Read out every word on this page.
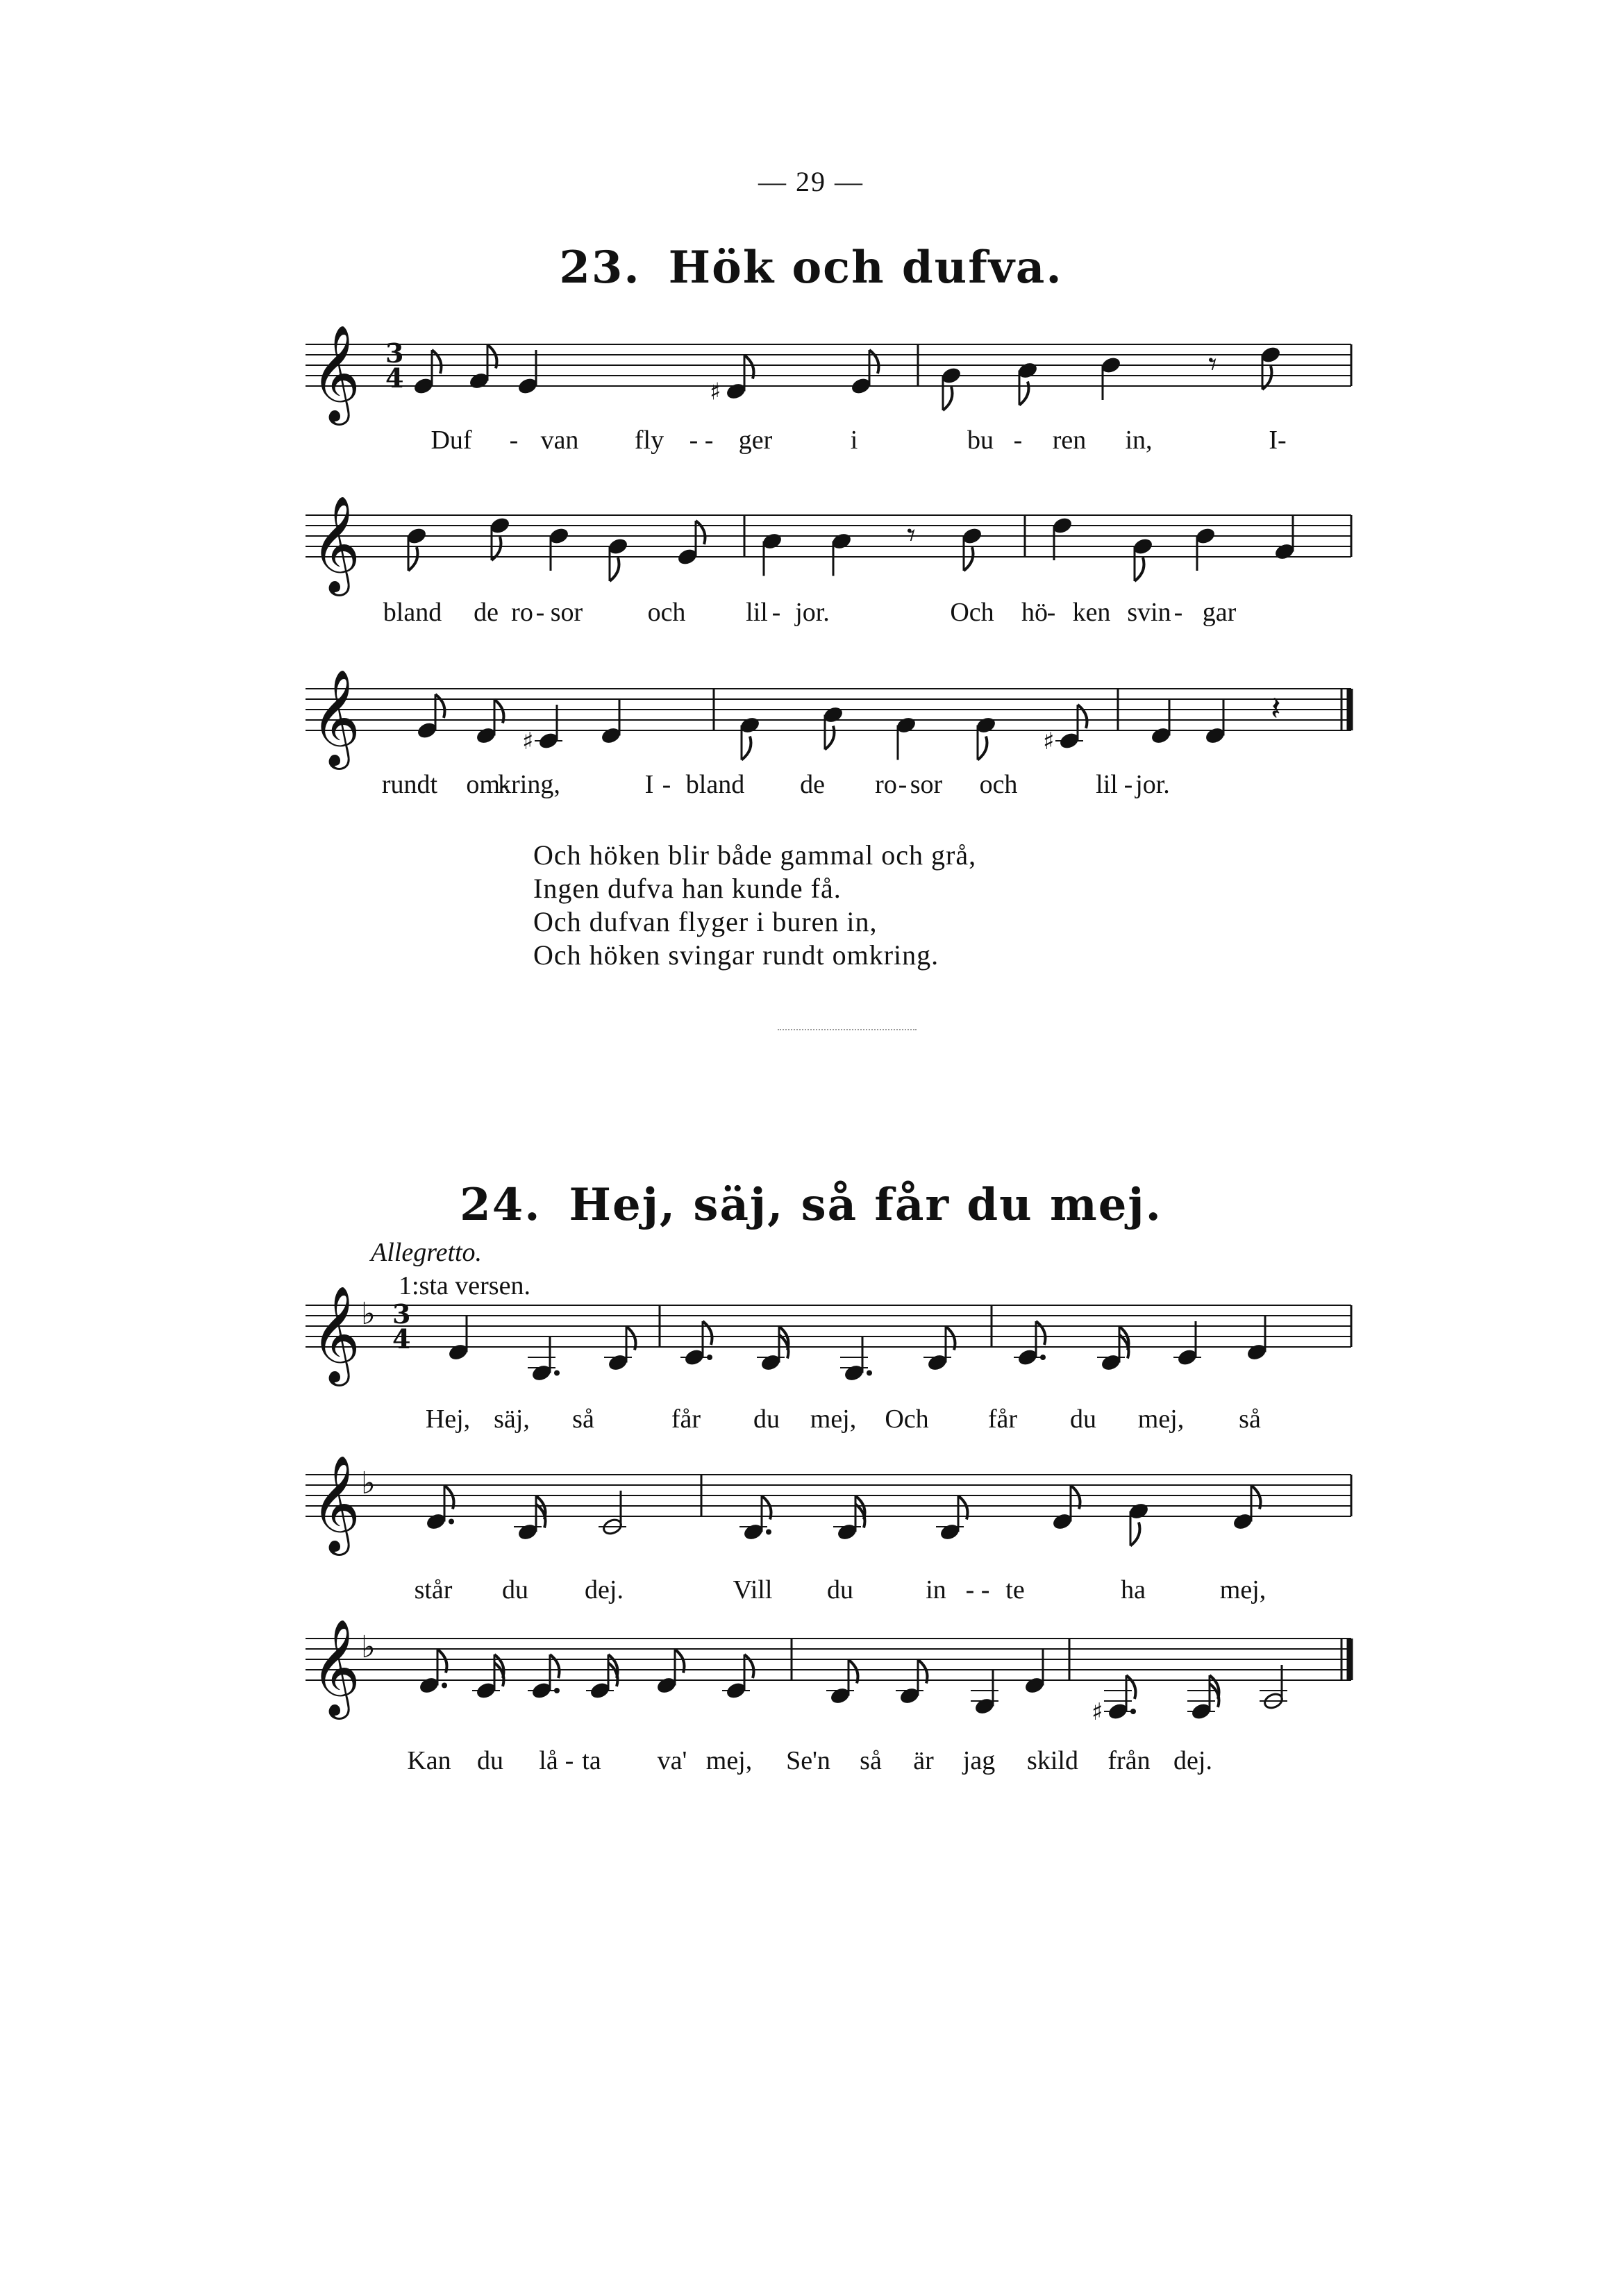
— 29 —
23. Hök och dufva.
𝄞 3
4	♯
𝄾
𝄞	𝄾
𝄞	♯	♯
𝄽
𝄞 ♭ 3
4
𝄞 ♭
𝄞 ♭
♯
Och höken blir både gammal och grå,
Ingen dufva han kunde få.
Och dufvan flyger i buren in,
Och höken svingar rundt omkring.
24. Hej, säj, så får du mej.
Allegretto.
1:sta versen.
Duf - van fly - - ger	i	bu - ren in,	I-
bland de ro - sor och lil - jor.	Och hö
- ken svin - gar
rundt om-
kring,	I - bland de ro - sor och	lil - jor.
Hej, säj, så	får du mej, Och får du mej, så
står du dej.	Vill du	in - - te	ha	mej,
Kan du lå - ta va' mej, Se'n så är jag skild från dej.
